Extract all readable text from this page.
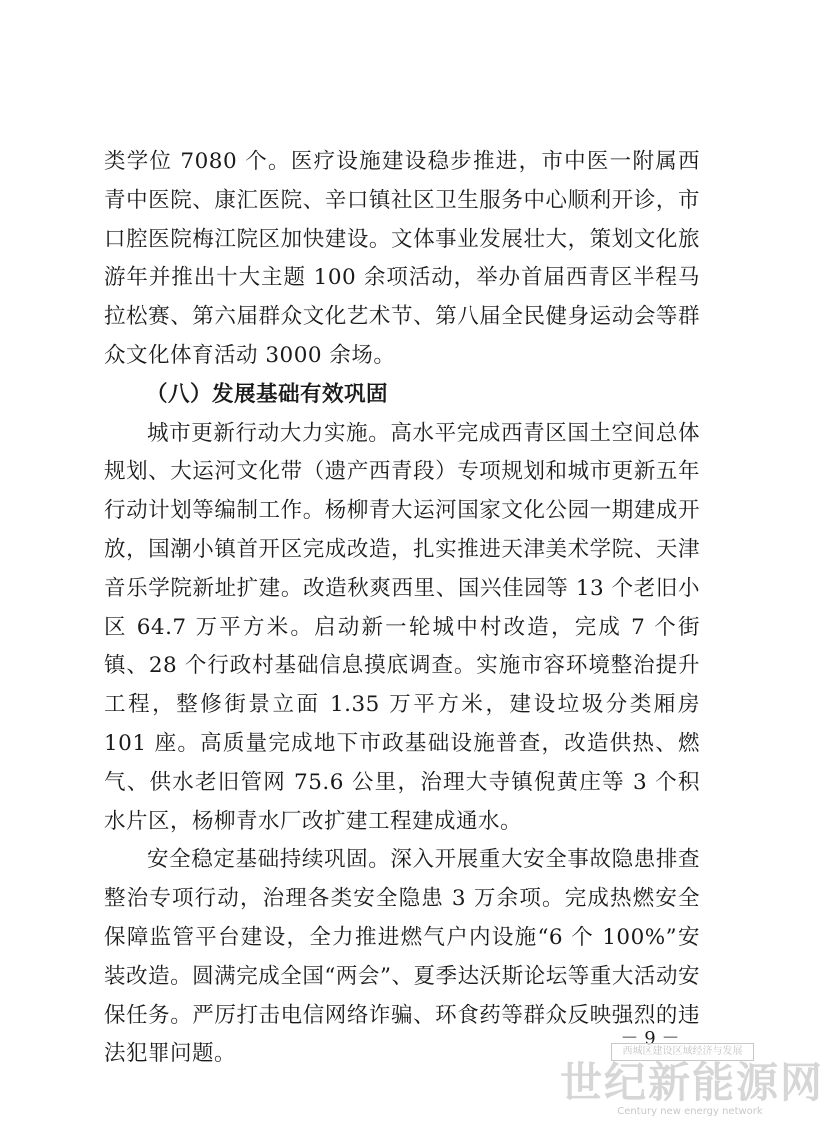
类学位 7080 个。医疗设施建设稳步推进，市中医一附属西青中医院、康汇医院、辛口镇社区卫生服务中心顺利开诊，市口腔医院梅江院区加快建设。文体事业发展壮大，策划文化旅游年并推出十大主题 100 余项活动，举办首届西青区半程马拉松赛、第六届群众文化艺术节、第八届全民健身运动会等群众文化体育活动 3000 余场。

（八）发展基础有效巩固

城市更新行动大力实施。高水平完成西青区国土空间总体规划、大运河文化带（遗产西青段）专项规划和城市更新五年行动计划等编制工作。杨柳青大运河国家文化公园一期建成开放，国潮小镇首开区完成改造，扎实推进天津美术学院、天津音乐学院新址扩建。改造秋爽西里、国兴佳园等 13 个老旧小区 64.7 万平方米。启动新一轮城中村改造，完成 7 个街镇、28 个行政村基础信息摸底调查。实施市容环境整治提升工程，整修街景立面 1.35 万平方米，建设垃圾分类厢房 101 座。高质量完成地下市政基础设施普查，改造供热、燃气、供水老旧管网 75.6 公里，治理大寺镇倪黄庄等 3 个积水片区，杨柳青水厂改扩建工程建成通水。

安全稳定基础持续巩固。深入开展重大安全事故隐患排查整治专项行动，治理各类安全隐患 3 万余项。完成热燃安全保障监管平台建设，全力推进燃气户内设施“6 个 100%”安装改造。圆满完成全国“两会”、夏季达沃斯论坛等重大活动安保任务。严厉打击电信网络诈骗、环食药等群众反映强烈的违法犯罪问题。

－ 9 －
西城区建设区域经济与发展
世纪新能源网
Century new energy network
